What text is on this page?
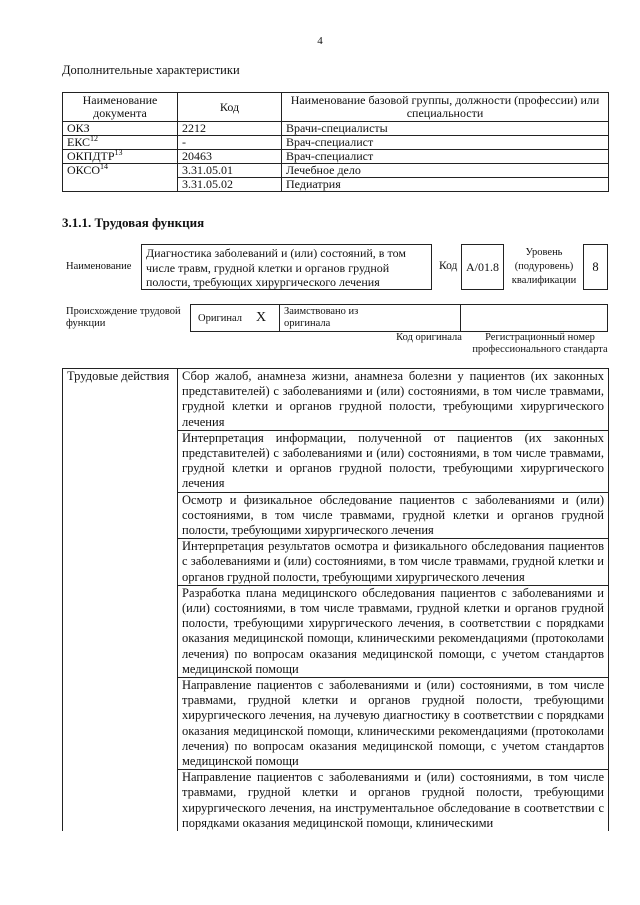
4
Дополнительные характеристики
Наименование документа	Код	Наименование базовой группы, должности (профессии) или специальности
ОКЗ	2212	Врачи-специалисты
ЕКС$^{12}$	-	Врач-специалист
ОКПДТР$^{13}$	20463	Врач-специалист
ОКСО$^{14}$	3.31.05.01	Лечебное дело
	3.31.05.02	Педиатрия
3.1.1. Трудовая функция
Наименование
Диагностика заболеваний и (или) состояний, в том числе травм, грудной клетки и органов грудной полости, требующих хирургического лечения
Код А/01.8
Уровень (подуровень) квалификации
8
Происхождение трудовой функции	Оригинал X Заимствовано из оригинала
Код оригинала	Регистрационный номер профессионального стандарта
Трудовые действия	Сбор жалоб, анамнеза жизни, анамнеза болезни у пациентов (их законных представителей) с заболеваниями и (или) состояниями, в том числе травмами, грудной клетки и органов грудной полости, требующими хирургического лечения
Интерпретация информации, полученной от пациентов (их законных представителей) с заболеваниями и (или) состояниями, в том числе травмами, грудной клетки и органов грудной полости, требующими хирургического лечения
Осмотр и физикальное обследование пациентов с заболеваниями и (или) состояниями, в том числе травмами, грудной клетки и органов грудной полости, требующими хирургического лечения
Интерпретация результатов осмотра и физикального обследования пациентов с заболеваниями и (или) состояниями, в том числе травмами, грудной клетки и органов грудной полости, требующими хирургического лечения
Разработка плана медицинского обследования пациентов с заболеваниями и (или) состояниями, в том числе травмами, грудной клетки и органов грудной полости, требующими хирургического лечения, в соответствии с порядками оказания медицинской помощи, клиническими рекомендациями (протоколами лечения) по вопросам оказания медицинской помощи, с учетом стандартов медицинской помощи
Направление пациентов с заболеваниями и (или) состояниями, в том числе травмами, грудной клетки и органов грудной полости, требующими хирургического лечения, на лучевую диагностику в соответствии с порядками оказания медицинской помощи, клиническими рекомендациями (протоколами лечения) по вопросам оказания медицинской помощи, с учетом стандартов медицинской помощи
Направление пациентов с заболеваниями и (или) состояниями, в том числе травмами, грудной клетки и органов грудной полости, требующими хирургического лечения, на инструментальное обследование в соответствии с порядками оказания медицинской помощи, клиническими
